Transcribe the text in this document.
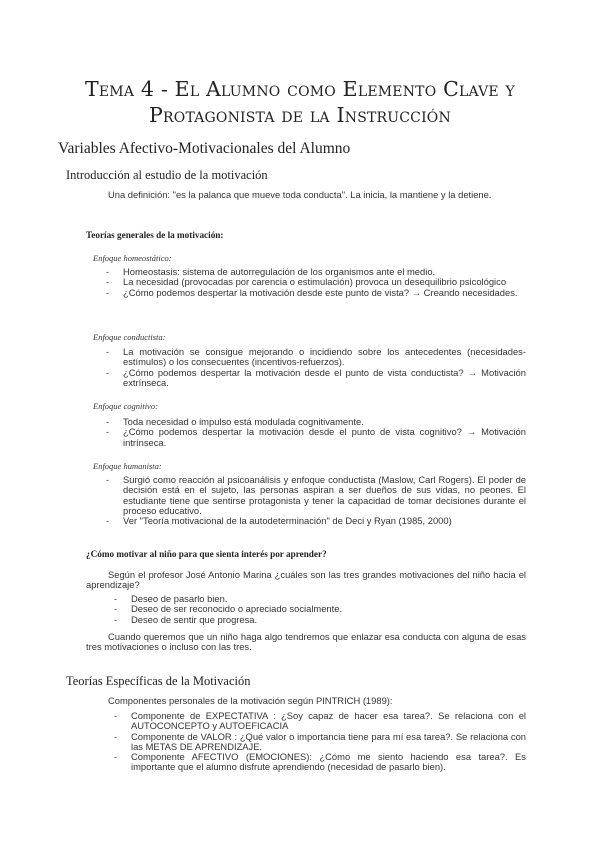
Tema 4 - El Alumno como Elemento Clave y
Protagonista de la Instrucción
Variables Afectivo-Motivacionales del Alumno
Introducción al estudio de la motivación

Una definición: "es la palanca que mueve toda conducta". La inicia, la mantiene y la detiene.

Teorías generales de la motivación:
Enfoque homeostático:
- Homeostasis: sistema de autorregulación de los organismos ante el medio.
- La necesidad (provocadas por carencia o estimulación) provoca un desequilibrio psicológico
- ¿Cómo podemos despertar la motivación desde este punto de vista? → Creando necesidades.
Enfoque conductista:
- La motivación se consigue mejorando o incidiendo sobre los antecedentes (necesidades-estímulos) o los consecuentes (incentivos-refuerzos).
- ¿Cómo podemos despertar la motivación desde el punto de vista conductista? → Motivación extrínseca.
Enfoque cognitivo:
- Toda necesidad o impulso está modulada cognitivamente.
- ¿Cómo podemos despertar la motivación desde el punto de vista cognitivo? → Motivación intrínseca.
Enfoque humanista:
- Surgió como reacción al psicoanálisis y enfoque conductista (Maslow, Carl Rogers). El poder de decisión está en el sujeto, las personas aspiran a ser dueños de sus vidas, no peones. El estudiante tiene que sentirse protagonista y tener la capacidad de tomar decisiones durante el proceso educativo.
- Ver "Teoría motivacional de la autodeterminación" de Deci y Ryan (1985, 2000)
¿Cómo motivar al niño para que sienta interés por aprender?

Según el profesor José Antonio Marina ¿cuáles son las tres grandes motivaciones del niño hacia el aprendizaje?

- Deseo de pasarlo bien.
- Deseo de ser reconocido o apreciado socialmente.
- Deseo de sentir que progresa.

Cuando queremos que un niño haga algo tendremos que enlazar esa conducta con alguna de esas tres motivaciones o incluso con las tres.

Teorías Específicas de la Motivación

Componentes personales de la motivación según PINTRICH (1989):

- Componente de EXPECTATIVA : ¿Soy capaz de hacer esa tarea?. Se relaciona con el AUTOCONCEPTO y AUTOEFICACIA
- Componente de VALOR : ¿Qué valor o importancia tiene para mí esa tarea?. Se relaciona con las METAS DE APRENDIZAJE.
- Componente AFECTIVO (EMOCIONES): ¿Cómo me siento haciendo esa tarea?. Es importante que el alumno disfrute aprendiendo (necesidad de pasarlo bien).
